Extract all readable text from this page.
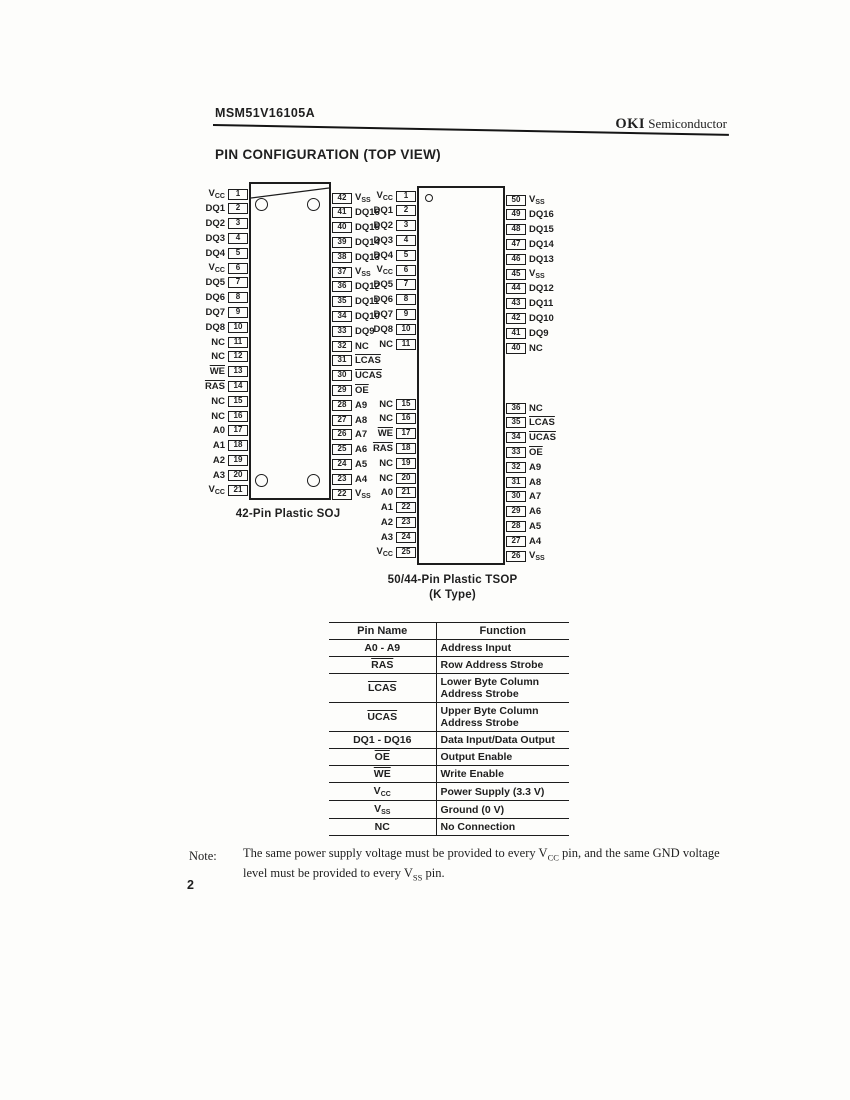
MSM51V16105A
OKI Semiconductor
PIN CONFIGURATION (TOP VIEW)
$V_{CC}$	1
DQ1	2
DQ2	3
DQ3	4
DQ4	5
$V_{CC}$	6
DQ5	7
DQ6	8
DQ7	9
DQ8	10
NC	11
NC	12
$\overline{WE}$	13
$\overline{RAS}$	14
NC	15
NC	16
A0	17
A1	18
A2	19
A3	20
$V_{CC}$	21
42 $V_{SS}$
41 DQ16
40 DQ15
39 DQ14
38 DQ13
37 $V_{SS}$
36 DQ12
35 DQ11
34 DQ10
33 DQ9
32 NC
31 LCAS
30 UCAS
29 $\overline{OE}$
28 A9
27 A8
26 A7
25 A6
24 A5
23 A4
22 $V_{SS}$
42-Pin Plastic SOJ
$V_{CC}$	1
DQ1	2
DQ2	3
DQ3	4
DQ4	5
$V_{CC}$	6
DQ5	7
DQ6	8
DQ7	9
DQ8	10
NC	11
NC	15
NC	16
$\overline{WE}$	17
$\overline{RAS}$	18
NC	19
NC	20
A0	21
A1	22
A2	23
A3	24
$V_{CC}$	25
50 $V_{SS}$
49 DQ16
48 DQ15
47 DQ14
46 DQ13
45 $V_{SS}$
44 DQ12
43 DQ11
42 DQ10
41 DQ9
40 NC
36 NC
35 LCAS
34 UCAS
33 $\overline{OE}$
32 A9
31 A8
30 A7
29 A6
28 A5
27 A4
26 $V_{SS}$
50/44-Pin Plastic TSOP
(K Type)
Pin Name	Function
A0 - A9	Address Input
$\overline{RAS}$	Row Address Strobe
LCAS	Lower Byte Column Address Strobe
UCAS	Upper Byte Column Address Strobe
DQ1 - DQ16	Data Input/Data Output
$\overline{OE}$	Output Enable
$\overline{WE}$	Write Enable
VCC	Power Supply (3.3 V)
VSS	Ground (0 V)
NC	No Connection
Note: The same power supply voltage must be provided to every $V_{CC}$ pin, and the same GND voltage level must be provided to every $V_{SS}$ pin.
2
